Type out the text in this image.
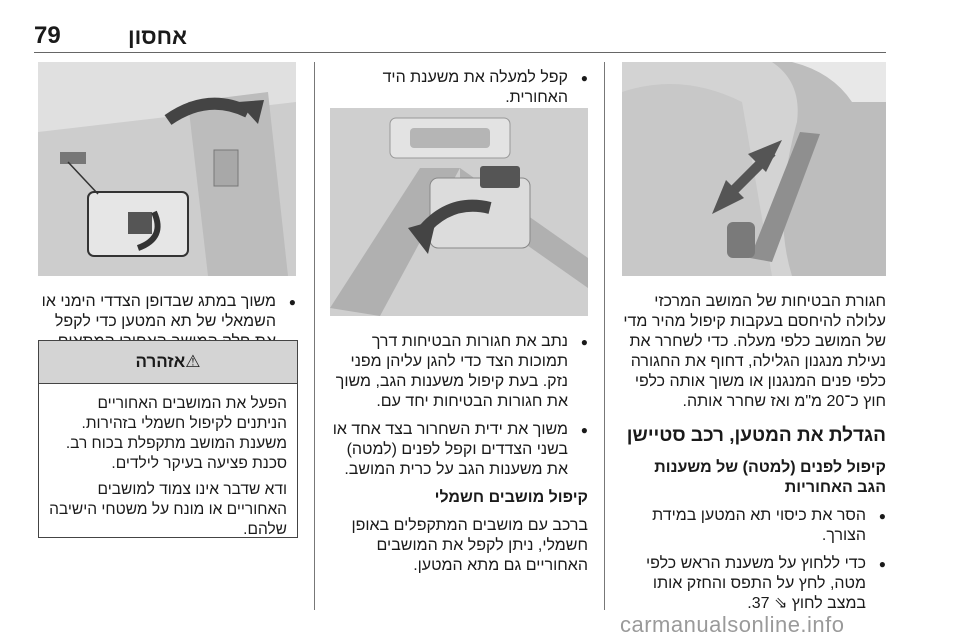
79	אחסון

חגורת הבטיחות של המושב המרכזי עלולה להיחסם בעקבות קיפול מהיר מדי של המושב כלפי מעלה. כדי לשחרר את נעילת מנגנון הגלילה, דחוף את החגורה כלפי פנים המנגנון או משוך אותה כלפי חוץ כ־20 מ"מ ואז שחרר אותה.

הגדלת את המטען, רכב סטיישן
קיפול לפנים (למטה) של משענות הגב האחוריות
● הסר את כיסוי תא המטען במידת הצורך.
● כדי ללחוץ על משענת הראש כלפי מטה, לחץ על התפס והחזק אותו במצב לחוץ ⇘ 37.
● קפל למעלה את משענת היד האחורית.
● נתב את חגורות הבטיחות דרך תמוכות הצד כדי להגן עליהן מפני נזק. בעת קיפול משענות הגב, משוך את חגורות הבטיחות יחד עם.
● משוך את ידית השחרור בצד אחד או בשני הצדדים וקפל לפנים (למטה) את משענות הגב על כרית המושב.
קיפול מושבים חשמלי

ברכב עם מושבים המתקפלים באופן חשמלי, ניתן לקפל את המושבים האחוריים גם מתא המטען.

● משוך במתג שבדופן הצדדי הימני או השמאלי של תא המטען כדי לקפל
⚠אזהרה

הפעל את המושבים האחוריים הניתנים לקיפול חשמלי בזהירות. משענת המושב מתקפלת בכוח רב. סכנת פציעה בעיקר לילדים.

ודא שדבר אינו צמוד למושבים האחוריים או מונח על משטחי הישיבה שלהם.

carmanualsonline.info
